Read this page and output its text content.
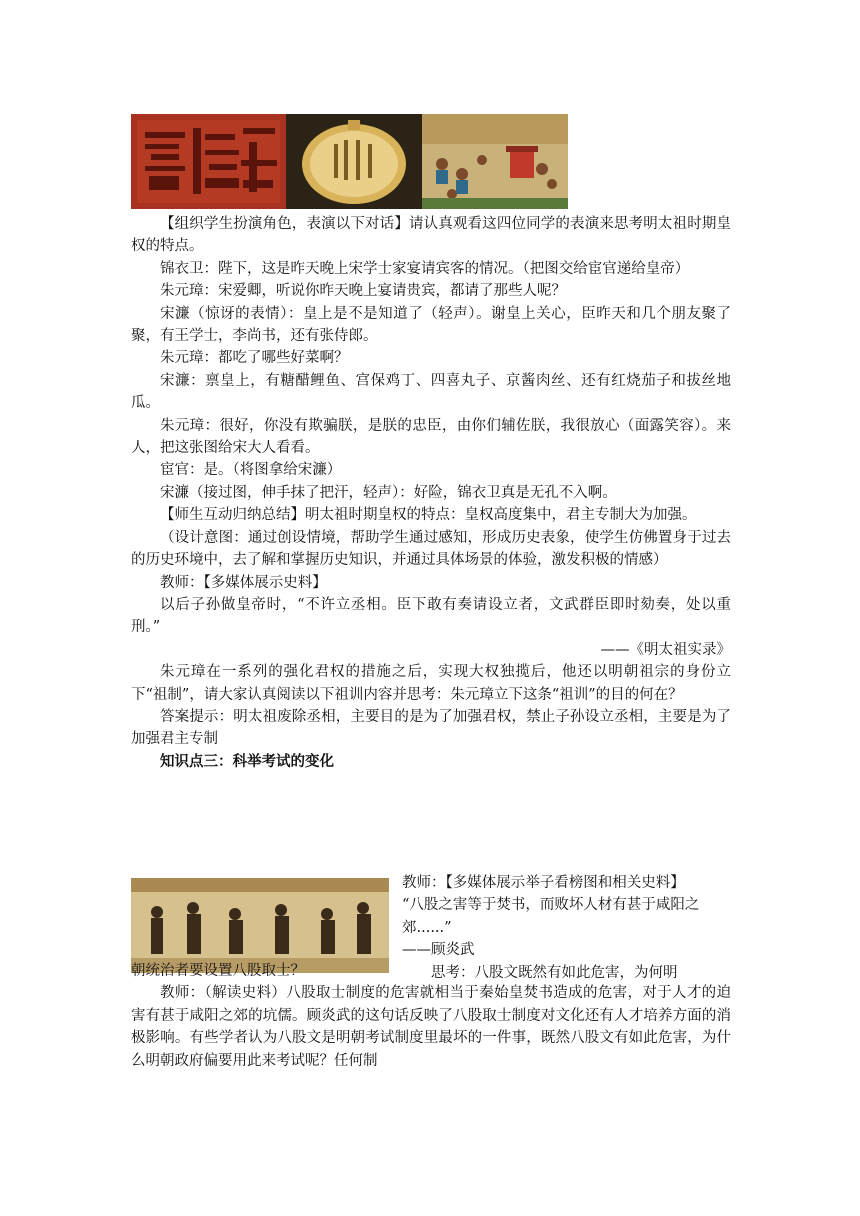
【组织学生扮演角色，表演以下对话】请认真观看这四位同学的表演来思考明太祖时期皇权的特点。

锦衣卫：陛下，这是昨天晚上宋学士家宴请宾客的情况。（把图交给宦官递给皇帝）

朱元璋：宋爱卿，听说你昨天晚上宴请贵宾，都请了那些人呢？

宋濂（惊讶的表情）：皇上是不是知道了（轻声）。谢皇上关心，臣昨天和几个朋友聚了聚，有王学士，李尚书，还有张侍郎。

朱元璋：都吃了哪些好菜啊？

宋濂：禀皇上，有糖醋鲤鱼、宫保鸡丁、四喜丸子、京酱肉丝、还有红烧茄子和拔丝地瓜。

朱元璋：很好，你没有欺骗朕，是朕的忠臣，由你们辅佐朕，我很放心（面露笑容）。来人，把这张图给宋大人看看。

宦官：是。（将图拿给宋濂）

宋濂（接过图，伸手抹了把汗，轻声）：好险，锦衣卫真是无孔不入啊。

【师生互动归纳总结】明太祖时期皇权的特点：皇权高度集中，君主专制大为加强。

（设计意图：通过创设情境，帮助学生通过感知，形成历史表象，使学生仿佛置身于过去的历史环境中，去了解和掌握历史知识，并通过具体场景的体验，激发积极的情感）

教师：【多媒体展示史料】

以后子孙做皇帝时，“不许立丞相。臣下敢有奏请设立者，文武群臣即时劾奏，处以重刑。”

——《明太祖实录》

朱元璋在一系列的强化君权的措施之后，实现大权独揽后，他还以明朝祖宗的身份立下“祖制”，请大家认真阅读以下祖训内容并思考：朱元璋立下这条“祖训”的目的何在？

答案提示：明太祖废除丞相，主要目的是为了加强君权，禁止子孙设立丞相，主要是为了加强君主专制

知识点三：科举考试的变化

教师：【多媒体展示举子看榜图和相关史料】

“八股之害等于焚书，而败坏人材有甚于咸阳之郊......”

——顾炎武

思考：八股文既然有如此危害，为何明

朝统治者要设置八股取士？

教师：（解读史料）八股取士制度的危害就相当于秦始皇焚书造成的危害，对于人才的迫害有甚于咸阳之郊的坑儒。顾炎武的这句话反映了八股取士制度对文化还有人才培养方面的消极影响。有些学者认为八股文是明朝考试制度里最坏的一件事，既然八股文有如此危害，为什么明朝政府偏要用此来考试呢？任何制
